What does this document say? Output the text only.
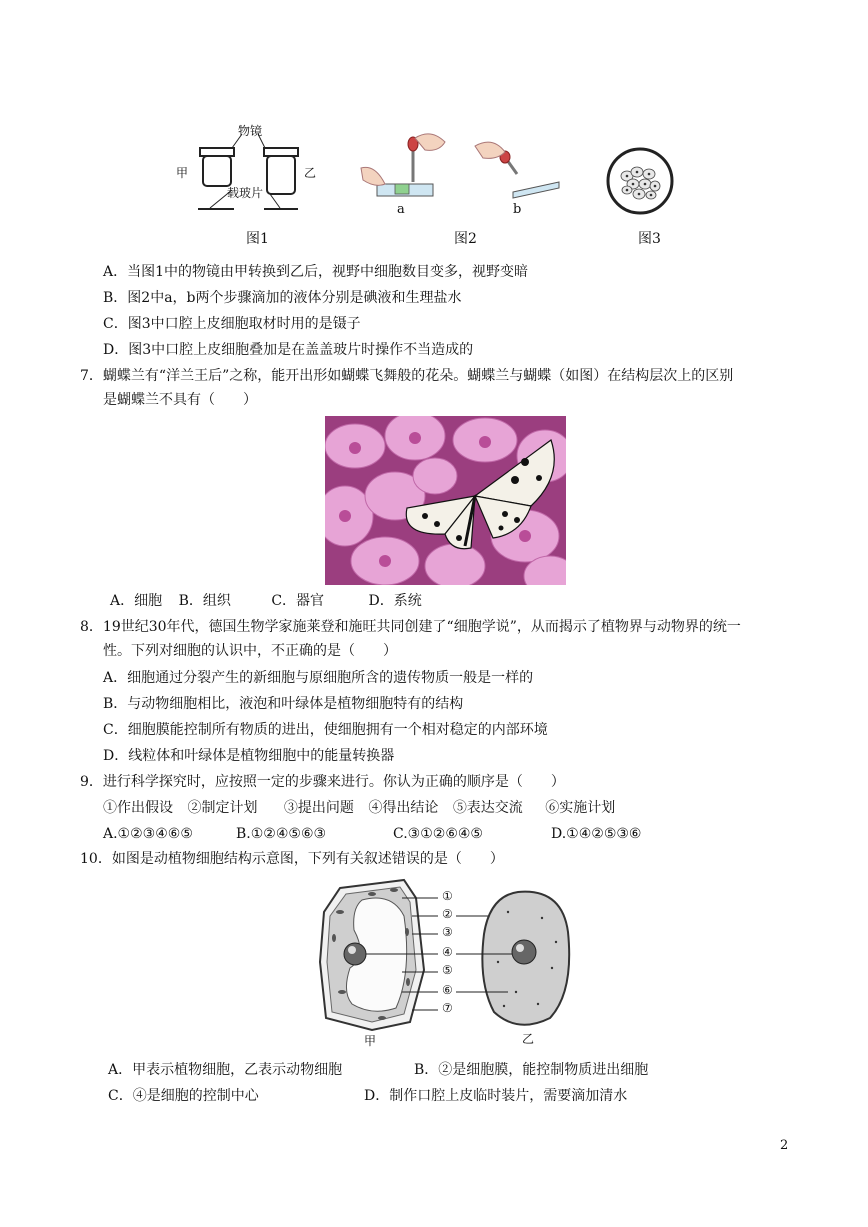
物镜
甲	乙
载玻片
a	b
图1	图2	图3
A．当图1中的物镜由甲转换到乙后，视野中细胞数目变多，视野变暗
B．图2中a，b两个步骤滴加的液体分别是碘液和生理盐水
C．图3中口腔上皮细胞取材时用的是镊子
D．图3中口腔上皮细胞叠加是在盖盖玻片时操作不当造成的
7．蝴蝶兰有“洋兰王后”之称，能开出形如蝴蝶飞舞般的花朵。蝴蝶兰与蝴蝶（如图）在结构层次上的区别
是蝴蝶兰不具有（　　）
A．细胞 B．组织	C．器官	D．系统
8．19世纪30年代，德国生物学家施莱登和施旺共同创建了“细胞学说”，从而揭示了植物界与动物界的统一
性。下列对细胞的认识中，不正确的是（　　）
A．细胞通过分裂产生的新细胞与原细胞所含的遗传物质一般是一样的
B．与动物细胞相比，液泡和叶绿体是植物细胞特有的结构
C．细胞膜能控制所有物质的进出，使细胞拥有一个相对稳定的内部环境
D．线粒体和叶绿体是植物细胞中的能量转换器
9．进行科学探究时，应按照一定的步骤来进行。你认为正确的顺序是（　　）
①作出假设 ②制定计划 ③提出问题 ④得出结论 ⑤表达交流 ⑥实施计划
A.①②③④⑥⑤	B.①②④⑤⑥③	C.③①②⑥④⑤	D.①④②⑤③⑥
10．如图是动植物细胞结构示意图，下列有关叙述错误的是（　　）
①
②
③
④
⑤
⑥
⑦
甲	乙
A．甲表示植物细胞，乙表示动物细胞	B．②是细胞膜，能控制物质进出细胞
C．④是细胞的控制中心	D．制作口腔上皮临时装片，需要滴加清水
2
